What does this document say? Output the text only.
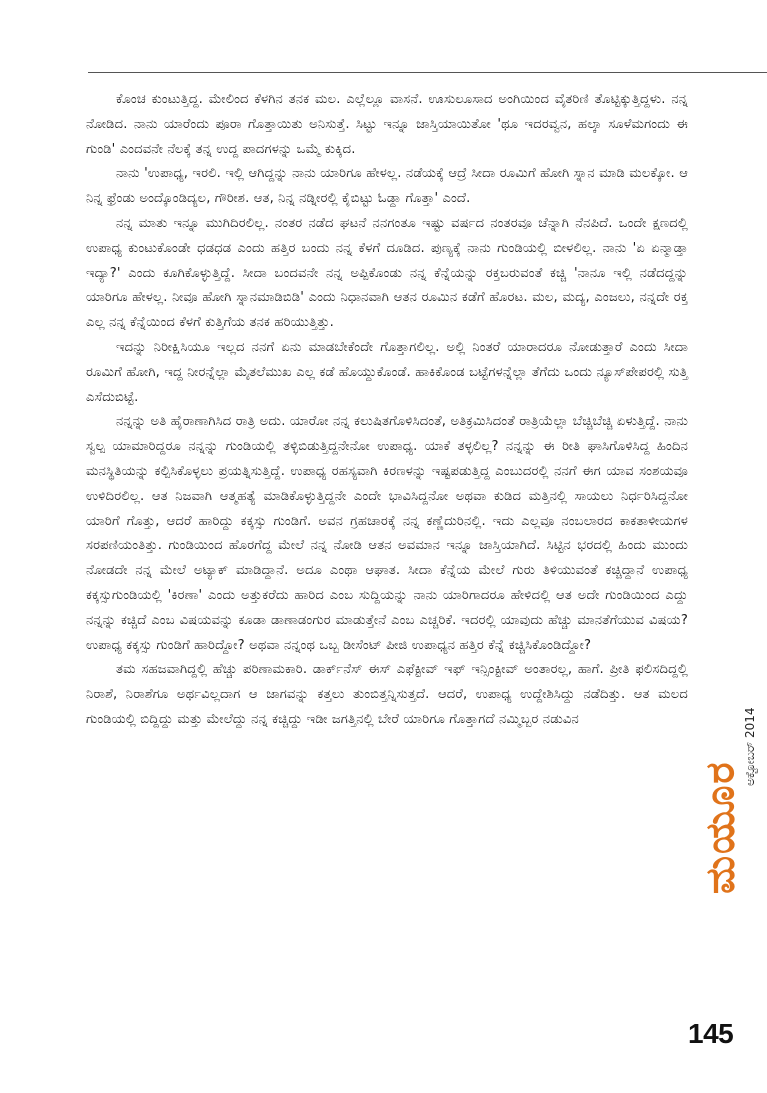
ಕೊಂಚ ಕುಂಟುತ್ತಿದ್ದ. ಮೇಲಿಂದ ಕೆಳಗಿನ ತನಕ ಮಲ. ಎಲ್ಲೆಲ್ಲೂ ವಾಸನೆ. ಊಸುಲೂಸಾದ ಅಂಗಿಯಿಂದ ವೈತರಿಣಿ ತೊಟ್ಟಿಕ್ಕುತ್ತಿದ್ದಳು. ನನ್ನ ನೋಡಿದ. ನಾನು ಯಾರೆಂದು ಪೂರಾ ಗೊತ್ತಾಯಿತು ಅನಿಸುತ್ತೆ. ಸಿಟ್ಟು ಇನ್ನೂ ಜಾಸ್ತಿಯಾಯಿತೋ 'ಥೂ ಇದರವ್ವನ, ಹಲ್ಕಾ ಸೂಳೆಮಗಂದು ಈ ಗುಂಡಿ' ಎಂದವನೇ ನೆಲಕ್ಕೆ ತನ್ನ ಉದ್ದ ಪಾದಗಳನ್ನು ಒಮ್ಮೆ ಕುಕ್ಕಿದ.

ನಾನು 'ಉಪಾಧ್ಯ, ಇರಲಿ. ಇಲ್ಲಿ ಆಗಿದ್ದನ್ನು ನಾನು ಯಾರಿಗೂ ಹೇಳಲ್ಲ. ನಡೆಯಕ್ಕೆ ಆದ್ರೆ ಸೀದಾ ರೂಮಿಗೆ ಹೋಗಿ ಸ್ನಾನ ಮಾಡಿ ಮಲಕ್ಕೋ. ಆ ನಿನ್ನ ಫ್ರೆಂಡು ಅಂದ್ಕೊಂಡಿದ್ಯಲ, ಗೌರೀಶ. ಆತ, ನಿನ್ನ ನಡ್ನೀರಲ್ಲಿ ಕೈಬಿಟ್ಟು ಓಡ್ದಾ ಗೊತ್ತಾ' ಎಂದೆ.

ನನ್ನ ಮಾತು ಇನ್ನೂ ಮುಗಿದಿರಲಿಲ್ಲ. ನಂತರ ನಡೆದ ಘಟನೆ ನನಗಂತೂ ಇಷ್ಟು ವರ್ಷದ ನಂತರವೂ ಚೆನ್ನಾಗಿ ನೆನಪಿದೆ. ಒಂದೇ ಕ್ಷಣದಲ್ಲಿ ಉಪಾಧ್ಯ ಕುಂಟುಕೊಂಡೇ ಧಡಧಡ ಎಂದು ಹತ್ತಿರ ಬಂದು ನನ್ನ ಕೆಳಗೆ ದೂಡಿದ. ಪುಣ್ಯಕ್ಕೆ ನಾನು ಗುಂಡಿಯಲ್ಲಿ ಬೀಳಲಿಲ್ಲ. ನಾನು 'ಏ ಏನ್ಮಾಡ್ತಾ ಇದ್ಯಾ?' ಎಂದು ಕೂಗಿಕೊಳ್ಳುತ್ತಿದ್ದೆ. ಸೀದಾ ಬಂದವನೇ ನನ್ನ ಅಪ್ಪಿಕೊಂಡು ನನ್ನ ಕೆನ್ನೆಯನ್ನು ರಕ್ತಬರುವಂತೆ ಕಚ್ಚಿ 'ನಾನೂ ಇಲ್ಲಿ ನಡೆದದ್ದನ್ನು ಯಾರಿಗೂ ಹೇಳಲ್ಲ. ನೀವೂ ಹೋಗಿ ಸ್ನಾನಮಾಡಿಬಿಡಿ' ಎಂದು ನಿಧಾನವಾಗಿ ಆತನ ರೂಮಿನ ಕಡೆಗೆ ಹೊರಟ. ಮಲ, ಮದ್ಯ, ಎಂಜಲು, ನನ್ನದೇ ರಕ್ತ ಎಲ್ಲ ನನ್ನ ಕೆನ್ನೆಯಿಂದ ಕೆಳಗೆ ಕುತ್ತಿಗೆಯ ತನಕ ಹರಿಯುತ್ತಿತ್ತು.

ಇದನ್ನು ನಿರೀಕ್ಷಿಸಿಯೂ ಇಲ್ಲದ ನನಗೆ ಏನು ಮಾಡಬೇಕೆಂದೇ ಗೊತ್ತಾಗಲಿಲ್ಲ. ಅಲ್ಲಿ ನಿಂತರೆ ಯಾರಾದರೂ ನೋಡುತ್ತಾರೆ ಎಂದು ಸೀದಾ ರೂಮಿಗೆ ಹೋಗಿ, ಇದ್ದ ನೀರನ್ನೆಲ್ಲಾ ಮೈತಲೆಮುಖ ಎಲ್ಲ ಕಡೆ ಹೊಯ್ದುಕೊಂಡೆ. ಹಾಕಿಕೊಂಡ ಬಟ್ಟೆಗಳನ್ನೆಲ್ಲಾ ತೆಗೆದು ಒಂದು ನ್ಯೂಸ್‌ಪೇಪರಲ್ಲಿ ಸುತ್ತಿ ಎಸೆದುಬಿಟ್ಟೆ.

ನನ್ನನ್ನು ಅತಿ ಹೈರಾಣಾಗಿಸಿದ ರಾತ್ರಿ ಅದು. ಯಾರೋ ನನ್ನ ಕಲುಷಿತಗೊಳಿಸಿದಂತೆ, ಅತಿಕ್ರಮಿಸಿದಂತೆ ರಾತ್ರಿಯೆಲ್ಲಾ ಬೆಚ್ಚಿಬೆಚ್ಚಿ ಏಳುತ್ತಿದ್ದೆ. ನಾನು ಸ್ವಲ್ಪ ಯಾಮಾರಿದ್ದರೂ ನನ್ನನ್ನು ಗುಂಡಿಯಲ್ಲಿ ತಳ್ಳಿಬಿಡುತ್ತಿದ್ದನೇನೋ ಉಪಾಧ್ಯ. ಯಾಕೆ ತಳ್ಳಲಿಲ್ಲ? ನನ್ನನ್ನು ಈ ರೀತಿ ಘಾಸಿಗೊಳಿಸಿದ್ದ ಹಿಂದಿನ ಮನಸ್ಥಿತಿಯನ್ನು ಕಲ್ಪಿಸಿಕೊಳ್ಳಲು ಪ್ರಯತ್ನಿಸುತ್ತಿದ್ದೆ. ಉಪಾಧ್ಯ ರಹಸ್ಯವಾಗಿ ಕಿರಣಳನ್ನು ಇಷ್ಟಪಡುತ್ತಿದ್ದ ಎಂಬುದರಲ್ಲಿ ನನಗೆ ಈಗ ಯಾವ ಸಂಶಯವೂ ಉಳಿದಿರಲಿಲ್ಲ. ಆತ ನಿಜವಾಗಿ ಆತ್ಮಹತ್ಯೆ ಮಾಡಿಕೊಳ್ಳುತ್ತಿದ್ದನೇ ಎಂದೇ ಭಾವಿಸಿದ್ದನೋ ಅಥವಾ ಕುಡಿದ ಮತ್ತಿನಲ್ಲಿ ಸಾಯಲು ನಿರ್ಧರಿಸಿದ್ದನೋ ಯಾರಿಗೆ ಗೊತ್ತು, ಆದರೆ ಹಾರಿದ್ದು ಕಕ್ಕಸ್ಸು ಗುಂಡಿಗೆ. ಅವನ ಗ್ರಹಚಾರಕ್ಕೆ ನನ್ನ ಕಣ್ಣೆದುರಿನಲ್ಲಿ. ಇದು ಎಲ್ಲವೂ ನಂಬಲಾರದ ಕಾಕತಾಳೀಯಗಳ ಸರಪಣಿಯಂತಿತ್ತು. ಗುಂಡಿಯಿಂದ ಹೊರಗೆದ್ದ ಮೇಲೆ ನನ್ನ ನೋಡಿ ಆತನ ಅವಮಾನ ಇನ್ನೂ ಜಾಸ್ತಿಯಾಗಿದೆ. ಸಿಟ್ಟಿನ ಭರದಲ್ಲಿ ಹಿಂದು ಮುಂದು ನೋಡದೇ ನನ್ನ ಮೇಲೆ ಅಟ್ಯಾಕ್ ಮಾಡಿದ್ದಾನೆ. ಅದೂ ಎಂಥಾ ಆಘಾತ. ಸೀದಾ ಕೆನ್ನೆಯ ಮೇಲೆ ಗುರು ತಿಳಿಯುವಂತೆ ಕಚ್ಚಿದ್ದಾನೆ ಉಪಾಧ್ಯ ಕಕ್ಕಸ್ಸುಗುಂಡಿಯಲ್ಲಿ 'ಕಿರಣಾ' ಎಂದು ಅತ್ತುಕರೆದು ಹಾರಿದ ಎಂಬ ಸುದ್ದಿಯನ್ನು ನಾನು ಯಾರಿಗಾದರೂ ಹೇಳಿದಲ್ಲಿ ಆತ ಅದೇ ಗುಂಡಿಯಿಂದ ಎದ್ದು ನನ್ನನ್ನು ಕಚ್ಚಿದೆ ಎಂಬ ವಿಷಯವನ್ನು ಕೂಡಾ ಡಾಣಾಡಂಗುರ ಮಾಡುತ್ತೇನೆ ಎಂಬ ಎಚ್ಚರಿಕೆ. ಇದರಲ್ಲಿ ಯಾವುದು ಹೆಚ್ಚು ಮಾನತೆಗೆಯುವ ವಿಷಯ? ಉಪಾಧ್ಯ ಕಕ್ಕಸ್ಸು ಗುಂಡಿಗೆ ಹಾರಿದ್ದೋ? ಅಥವಾ ನನ್ನಂಥ ಒಬ್ಬ ಡೀಸೆಂಟ್ ಪೀಜಿ ಉಪಾಧ್ಯನ ಹತ್ತಿರ ಕೆನ್ನೆ ಕಚ್ಚಿಸಿಕೊಂಡಿದ್ದೋ?

ತಮ ಸಹಜವಾಗಿದ್ದಲ್ಲಿ ಹೆಚ್ಚು ಪರಿಣಾಮಕಾರಿ. ಡಾರ್ಕ್‌ನೆಸ್ ಈಸ್ ಎಫೆಕ್ಟೀವ್ ಇಫ್ ಇನ್ಸಿಂಕ್ಟೀವ್ ಅಂತಾರಲ್ಲ, ಹಾಗೆ. ಪ್ರೀತಿ ಫಲಿಸದಿದ್ದಲ್ಲಿ ನಿರಾಶೆ, ನಿರಾಶೆಗೂ ಅರ್ಥವಿಲ್ಲದಾಗ ಆ ಜಾಗವನ್ನು ಕತ್ತಲು ತುಂಬಿತ್ತನ್ನಿಸುತ್ತದೆ. ಆದರೆ, ಉಪಾಧ್ಯ ಉದ್ದೇಶಿಸಿದ್ದು ನಡೆದಿತ್ತು. ಆತ ಮಲದ ಗುಂಡಿಯಲ್ಲಿ ಬಿದ್ದಿದ್ದು ಮತ್ತು ಮೇಲೆದ್ದು ನನ್ನ ಕಚ್ಚಿದ್ದು ಇಡೀ ಜಗತ್ತಿನಲ್ಲಿ ಬೇರೆ ಯಾರಿಗೂ ಗೊತ್ತಾಗದೆ ನಮ್ಮಿಬ್ಬರ ನಡುವಿನ

ಮಯೂರ
ಅಕ್ಟೋಬರ್ 2014
145
